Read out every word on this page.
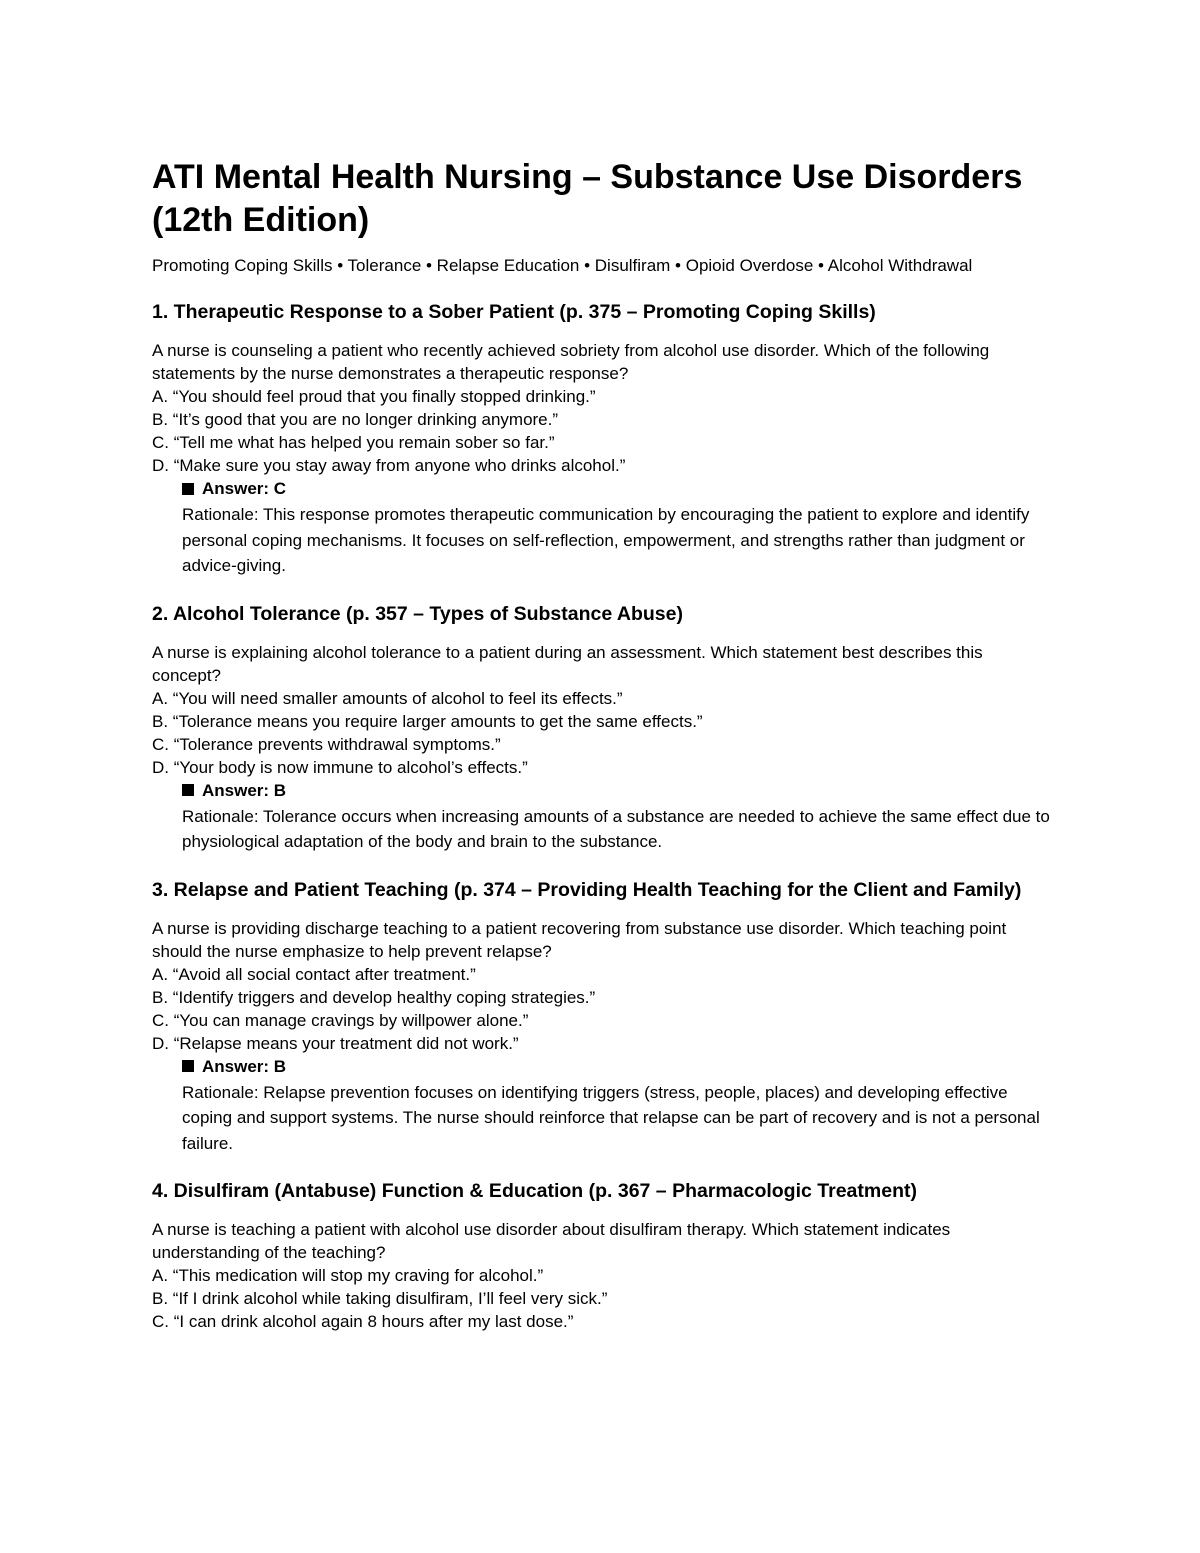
ATI Mental Health Nursing – Substance Use Disorders (12th Edition)

Promoting Coping Skills • Tolerance • Relapse Education • Disulfiram • Opioid Overdose • Alcohol Withdrawal

1. Therapeutic Response to a Sober Patient (p. 375 – Promoting Coping Skills)

A nurse is counseling a patient who recently achieved sobriety from alcohol use disorder. Which of the following statements by the nurse demonstrates a therapeutic response?

A. “You should feel proud that you finally stopped drinking.”
B. “It’s good that you are no longer drinking anymore.”
C. “Tell me what has helped you remain sober so far.”
D. “Make sure you stay away from anyone who drinks alcohol.”
Answer: C

Rationale: This response promotes therapeutic communication by encouraging the patient to explore and identify personal coping mechanisms. It focuses on self-reflection, empowerment, and strengths rather than judgment or advice-giving.

2. Alcohol Tolerance (p. 357 – Types of Substance Abuse)

A nurse is explaining alcohol tolerance to a patient during an assessment. Which statement best describes this concept?

A. “You will need smaller amounts of alcohol to feel its effects.”
B. “Tolerance means you require larger amounts to get the same effects.”
C. “Tolerance prevents withdrawal symptoms.”
D. “Your body is now immune to alcohol’s effects.”
Answer: B

Rationale: Tolerance occurs when increasing amounts of a substance are needed to achieve the same effect due to physiological adaptation of the body and brain to the substance.

3. Relapse and Patient Teaching (p. 374 – Providing Health Teaching for the Client and Family)

A nurse is providing discharge teaching to a patient recovering from substance use disorder. Which teaching point should the nurse emphasize to help prevent relapse?

A. “Avoid all social contact after treatment.”
B. “Identify triggers and develop healthy coping strategies.”
C. “You can manage cravings by willpower alone.”
D. “Relapse means your treatment did not work.”
Answer: B

Rationale: Relapse prevention focuses on identifying triggers (stress, people, places) and developing effective coping and support systems. The nurse should reinforce that relapse can be part of recovery and is not a personal failure.

4. Disulfiram (Antabuse) Function & Education (p. 367 – Pharmacologic Treatment)

A nurse is teaching a patient with alcohol use disorder about disulfiram therapy. Which statement indicates understanding of the teaching?

A. “This medication will stop my craving for alcohol.”
B. “If I drink alcohol while taking disulfiram, I’ll feel very sick.”
C. “I can drink alcohol again 8 hours after my last dose.”
